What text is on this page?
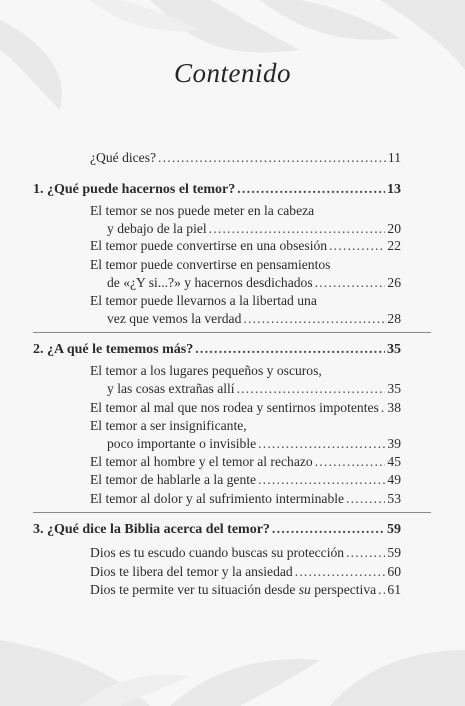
Contenido
¿Qué dices? .....	11
1. ¿Qué puede hacernos el temor? .....	13
El temor se nos puede meter en la cabeza
y debajo de la piel .....	20
El temor puede convertirse en una obsesión .....	22
El temor puede convertirse en pensamientos
de «¿Y si...?» y hacernos desdichados .....	26
El temor puede llevarnos a la libertad una
vez que vemos la verdad .....	28
2. ¿A qué le tememos más? .....	35
El temor a los lugares pequeños y oscuros,
y las cosas extrañas allí .....	35
El temor al mal que nos rodea y sentirnos impotentes ..... 38
El temor a ser insignificante,
poco importante o invisible .....	39
El temor al hombre y el temor al rechazo .....	45
El temor de hablarle a la gente .....	49
El temor al dolor y al sufrimiento interminable .....	53
3. ¿Qué dice la Biblia acerca del temor? .....	59
Dios es tu escudo cuando buscas su protección .....	59
Dios te libera del temor y la ansiedad .....	60
Dios te permite ver tu situación desde su perspectiva ..... 61
